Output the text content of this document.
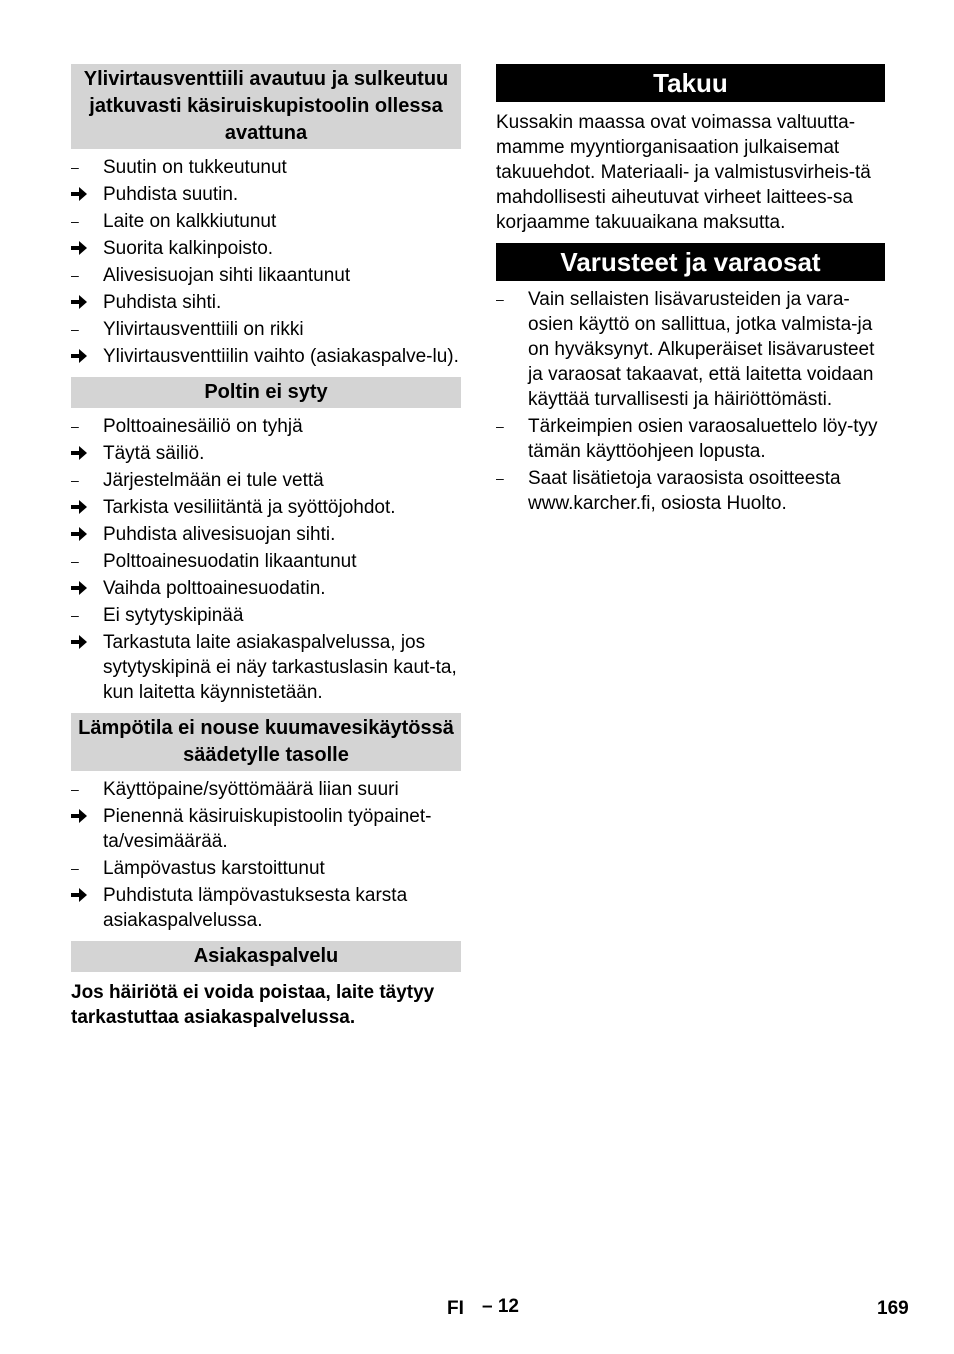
Ylivirtausventtiili avautuu ja sulkeutuu jatkuvasti käsiruiskupistoolin ollessa avattuna
–	Suutin on tukkeutunut
Puhdista suutin.
–	Laite on kalkkiutunut
Suorita kalkinpoisto.
–	Alivesisuojan sihti likaantunut
Puhdista sihti.
–	Ylivirtausventtiili on rikki
Ylivirtausventtiilin vaihto (asiakaspalve-lu).
Poltin ei syty
–	Polttoainesäiliö on tyhjä
Täytä säiliö.
–	Järjestelmään ei tule vettä
Tarkista vesiliitäntä ja syöttöjohdot.
Puhdista alivesisuojan sihti.
–	Polttoainesuodatin likaantunut
Vaihda polttoainesuodatin.
–	Ei sytytyskipinää
Tarkastuta laite asiakaspalvelussa, jos sytytyskipinä ei näy tarkastuslasin kaut-ta, kun laitetta käynnistetään.
Lämpötila ei nouse kuumavesikäytössä säädetylle tasolle
–	Käyttöpaine/syöttömäärä liian suuri
Pienennä käsiruiskupistoolin työpainet-ta/vesimäärää.
–	Lämpövastus karstoittunut
Puhdistuta lämpövastuksesta karsta asiakaspalvelussa.
Asiakaspalvelu
Jos häiriötä ei voida poistaa, laite täytyy tarkastuttaa asiakaspalvelussa.
Takuu
Kussakin maassa ovat voimassa valtuutta-mamme myyntiorganisaation julkaisemat takuuehdot. Materiaali- ja valmistusvirheis-tä mahdollisesti aiheutuvat virheet laittees-sa korjaamme takuuaikana maksutta.
Varusteet ja varaosat
–	Vain sellaisten lisävarusteiden ja vara-osien käyttö on sallittua, jotka valmista-ja on hyväksynyt. Alkuperäiset lisävarusteet ja varaosat takaavat, että laitetta voidaan käyttää turvallisesti ja häiriöttömästi.
–	Tärkeimpien osien varaosaluettelo löy-tyy tämän käyttöohjeen lopusta.
–	Saat lisätietoja varaosista osoitteesta www.karcher.fi, osiosta Huolto.
FI – 12	169
